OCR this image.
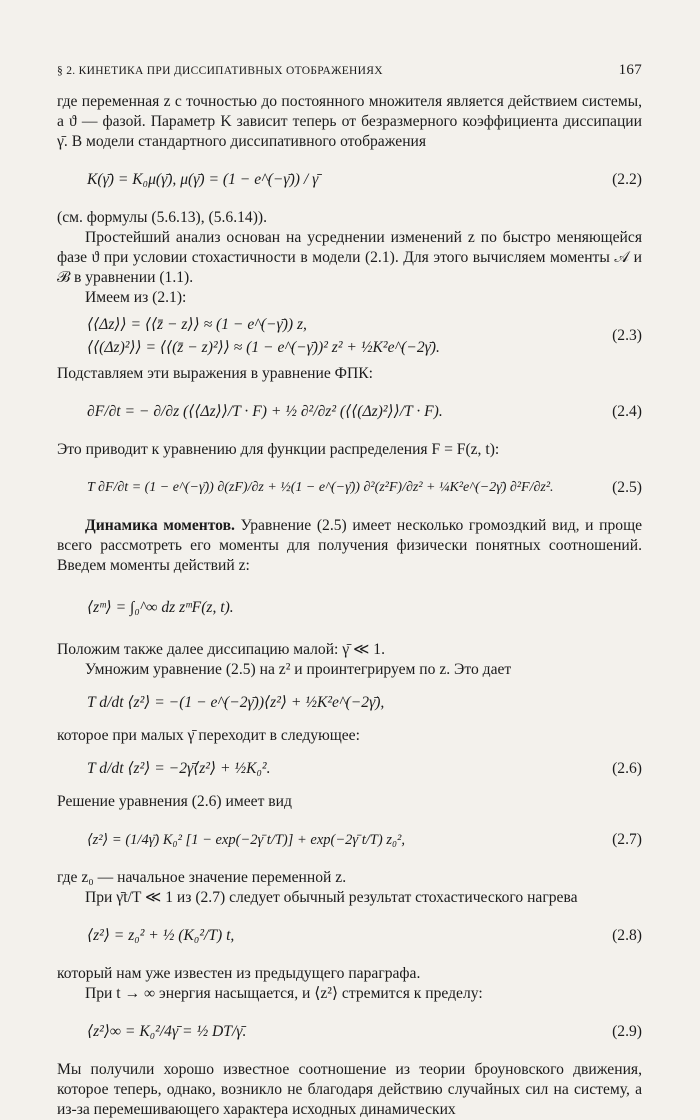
§ 2. КИНЕТИКА ПРИ ДИССИПАТИВНЫХ ОТОБРАЖЕНИЯХ	167

где переменная z с точностью до постоянного множителя является действием системы, а ϑ — фазой. Параметр K зависит теперь от безразмерного коэффициента диссипации γ̄. В модели стандартного диссипативного отображения

K(γ̄) = K₀μ(γ̄), μ(γ̄) = (1 − e^(−γ̄)) / γ̄	(2.2)

(см. формулы (5.6.13), (5.6.14)).

Простейший анализ основан на усреднении изменений z по быстро меняющейся фазе ϑ при условии стохастичности в модели (2.1). Для этого вычисляем моменты 𝒜 и ℬ в уравнении (1.1).

Имеем из (2.1):

⟨⟨Δz⟩⟩ = ⟨⟨z̄ − z⟩⟩ ≈ (1 − e^(−γ̄)) z,
⟨⟨(Δz)²⟩⟩ = ⟨⟨(z̄ − z)²⟩⟩ ≈ (1 − e^(−γ̄))² z² + ½K²e^(−2γ̄).
(2.3)

Подставляем эти выражения в уравнение ФПК:

∂F/∂t = − ∂/∂z (⟨⟨Δz⟩⟩/T · F) + ½ ∂²/∂z² (⟨⟨(Δz)²⟩⟩/T · F).	(2.4)

Это приводит к уравнению для функции распределения F = F(z, t):

T ∂F/∂t = (1 − e^(−γ̄)) ∂(zF)/∂z + ½(1 − e^(−γ̄)) ∂²(z²F)/∂z² + ¼K²e^(−2γ̄) ∂²F/∂z².	(2.5)

Динамика моментов. Уравнение (2.5) имеет несколько громоздкий вид, и проще всего рассмотреть его моменты для получения физически понятных соотношений. Введем моменты действий z:

⟨zᵐ⟩ = ∫₀^∞ dz zᵐF(z, t).

Положим также далее диссипацию малой: γ̄ ≪ 1.

Умножим уравнение (2.5) на z² и проинтегрируем по z. Это дает

T d/dt ⟨z²⟩ = −(1 − e^(−2γ̄))⟨z²⟩ + ½K²e^(−2γ̄),

которое при малых γ̄ переходит в следующее:

T d/dt ⟨z²⟩ = −2γ̄⟨z²⟩ + ½K₀².	(2.6)

Решение уравнения (2.6) имеет вид

⟨z²⟩ = (1/4γ̄) K₀² [1 − exp(−2γ̄ t/T)] + exp(−2γ̄ t/T) z₀²,	(2.7)

где z₀ — начальное значение переменной z.

При γ̄t/T ≪ 1 из (2.7) следует обычный результат стохастического нагрева

⟨z²⟩ = z₀² + ½ (K₀²/T) t,	(2.8)

который нам уже известен из предыдущего параграфа.

При t → ∞ энергия насыщается, и ⟨z²⟩ стремится к пределу:

⟨z²⟩∞ = K₀²/4γ̄ = ½ DT/γ̄.	(2.9)

Мы получили хорошо известное соотношение из теории броуновского движения, которое теперь, однако, возникло не благодаря действию случайных сил на систему, а из-за перемешивающего характера исходных динамических
